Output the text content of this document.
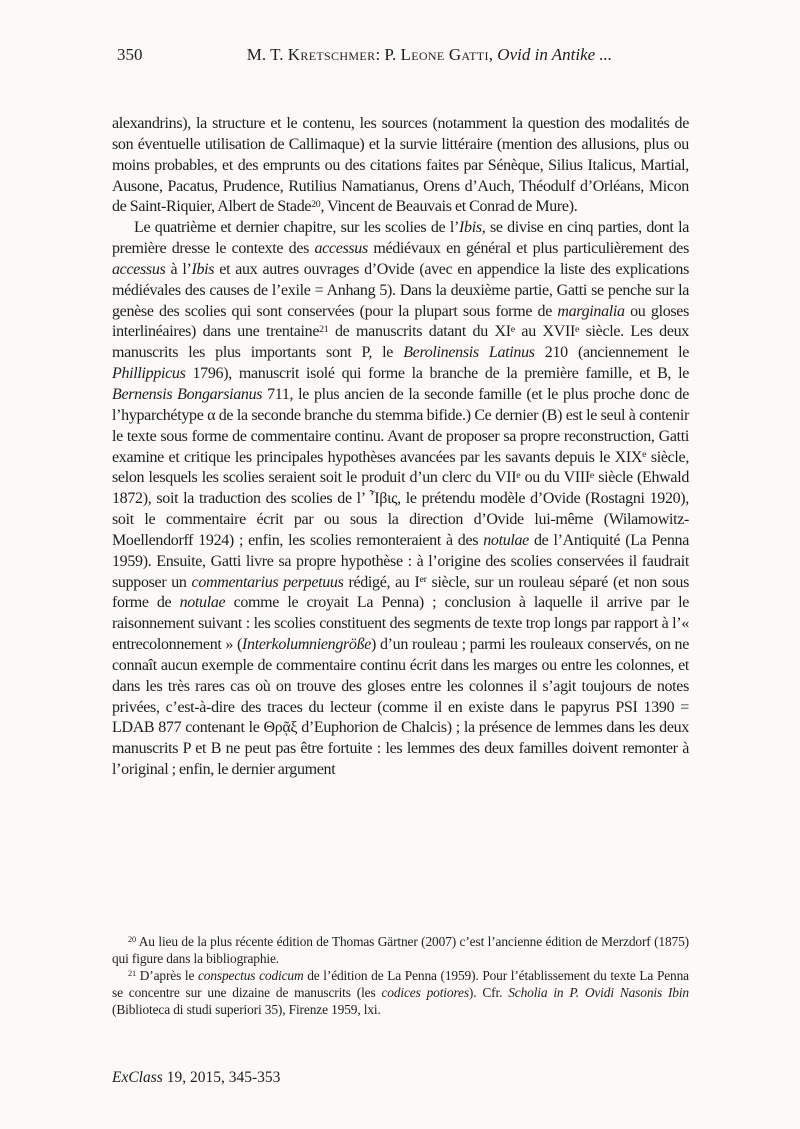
350	M. T. Kretschmer: P. Leone Gatti, Ovid in Antike ...

alexandrins), la structure et le contenu, les sources (notamment la question des modalités de son éventuelle utilisation de Callimaque) et la survie littéraire (mention des allusions, plus ou moins probables, et des emprunts ou des citations faites par Sénèque, Silius Italicus, Martial, Ausone, Pacatus, Prudence, Rutilius Namatianus, Orens d’Auch, Théodulf d’Orléans, Micon de Saint-Riquier, Albert de Stade$^{20}$, Vincent de Beauvais et Conrad de Mure).

Le quatrième et dernier chapitre, sur les scolies de l’Ibis, se divise en cinq parties, dont la première dresse le contexte des accessus médiévaux en général et plus particulièrement des accessus à l’Ibis et aux autres ouvrages d’Ovide (avec en appendice la liste des explications médiévales des causes de l’exile = Anhang 5). Dans la deuxième partie, Gatti se penche sur la genèse des scolies qui sont conservées (pour la plupart sous forme de marginalia ou gloses interlinéaires) dans une trentaine$^{21}$ de manuscrits datant du XIe au XVIIe siècle. Les deux manuscrits les plus importants sont P, le Berolinensis Latinus 210 (anciennement le Phillippicus 1796), manuscrit isolé qui forme la branche de la première famille, et B, le Bernensis Bongarsianus 711, le plus ancien de la seconde famille (et le plus proche donc de l’hyparchétype α de la seconde branche du stemma bifide.) Ce dernier (B) est le seul à contenir le texte sous forme de commentaire continu. Avant de proposer sa propre reconstruction, Gatti examine et critique les principales hypothèses avancées par les savants depuis le XIXe siècle, selon lesquels les scolies seraient soit le produit d’un clerc du VIIe ou du VIIIe siècle (Ehwald 1872), soit la traduction des scolies de l’ Ἶβις, le prétendu modèle d’Ovide (Rostagni 1920), soit le commentaire écrit par ou sous la direction d’Ovide lui-même (Wilamowitz-Moellendorff 1924) ; enfin, les scolies remonteraient à des notulae de l’Antiquité (La Penna 1959). Ensuite, Gatti livre sa propre hypothèse : à l’origine des scolies conservées il faudrait supposer un commentarius perpetuus rédigé, au Ier siècle, sur un rouleau séparé (et non sous forme de notulae comme le croyait La Penna) ; conclusion à laquelle il arrive par le raisonnement suivant : les scolies constituent des segments de texte trop longs par rapport à l’« entrecolonnement » (Interkolumniengröße) d’un rouleau ; parmi les rouleaux conservés, on ne connaît aucun exemple de commentaire continu écrit dans les marges ou entre les colonnes, et dans les très rares cas où on trouve des gloses entre les colonnes il s’agit toujours de notes privées, c’est-à-dire des traces du lecteur (comme il en existe dans le papyrus PSI 1390 = LDAB 877 contenant le Θρᾷξ d’Euphorion de Chalcis) ; la présence de lemmes dans les deux manuscrits P et B ne peut pas être fortuite : les lemmes des deux familles doivent remonter à l’original ; enfin, le dernier argument

$^{20}$ Au lieu de la plus récente édition de Thomas Gärtner (2007) c’est l’ancienne édition de Merzdorf (1875) qui figure dans la bibliographie.

$^{21}$ D’après le conspectus codicum de l’édition de La Penna (1959). Pour l’établissement du texte La Penna se concentre sur une dizaine de manuscrits (les codices potiores). Cfr. Scholia in P. Ovidi Nasonis Ibin (Biblioteca di studi superiori 35), Firenze 1959, lxi.

ExClass 19, 2015, 345-353
